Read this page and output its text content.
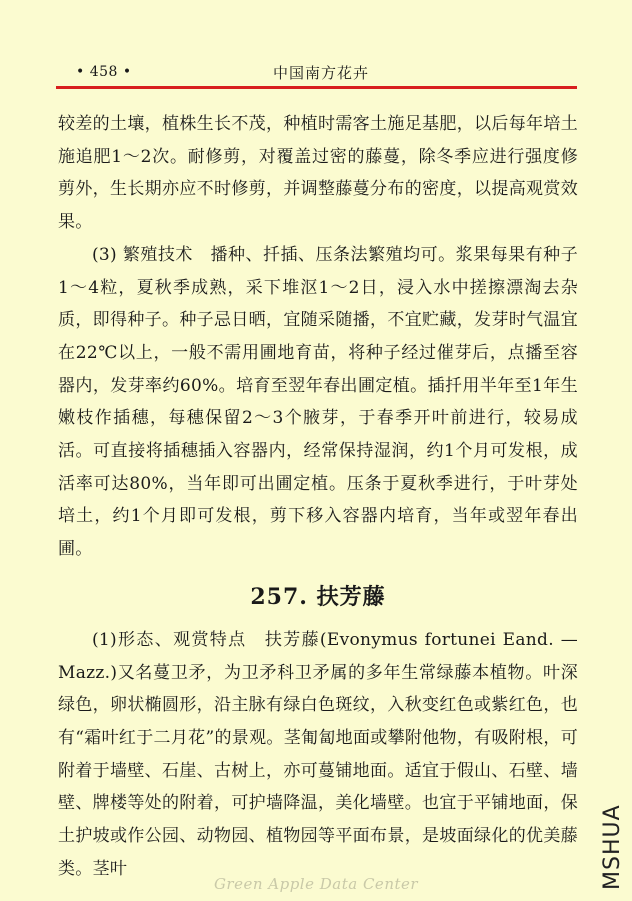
• 458 •	中国南方花卉

较差的土壤，植株生长不茂，种植时需客土施足基肥，以后每年培土施追肥1～2次。耐修剪，对覆盖过密的藤蔓，除冬季应进行强度修剪外，生长期亦应不时修剪，并调整藤蔓分布的密度，以提高观赏效果。

(3) 繁殖技术　播种、扦插、压条法繁殖均可。浆果每果有种子1～4粒，夏秋季成熟，采下堆沤1～2日，浸入水中搓擦漂淘去杂质，即得种子。种子忌日晒，宜随采随播，不宜贮藏，发芽时气温宜在22℃以上，一般不需用圃地育苗，将种子经过催芽后，点播至容器内，发芽率约60%。培育至翌年春出圃定植。插扦用半年至1年生嫩枝作插穗，每穗保留2～3个腋芽，于春季开叶前进行，较易成活。可直接将插穗插入容器内，经常保持湿润，约1个月可发根，成活率可达80%，当年即可出圃定植。压条于夏秋季进行，于叶芽处培土，约1个月即可发根，剪下移入容器内培育，当年或翌年春出圃。

257. 扶芳藤

(1)形态、观赏特点　扶芳藤(Evonymus fortunei Eand. —Mazz.)又名蔓卫矛，为卫矛科卫矛属的多年生常绿藤本植物。叶深绿色，卵状椭圆形，沿主脉有绿白色斑纹，入秋变红色或紫红色，也有“霜叶红于二月花”的景观。茎匍匐地面或攀附他物，有吸附根，可附着于墙壁、石崖、古树上，亦可蔓铺地面。适宜于假山、石壁、墙壁、牌楼等处的附着，可护墙降温，美化墙壁。也宜于平铺地面，保土护坡或作公园、动物园、植物园等平面布景，是坡面绿化的优美藤类。茎叶	MSHUA
Green Apple Data Center
